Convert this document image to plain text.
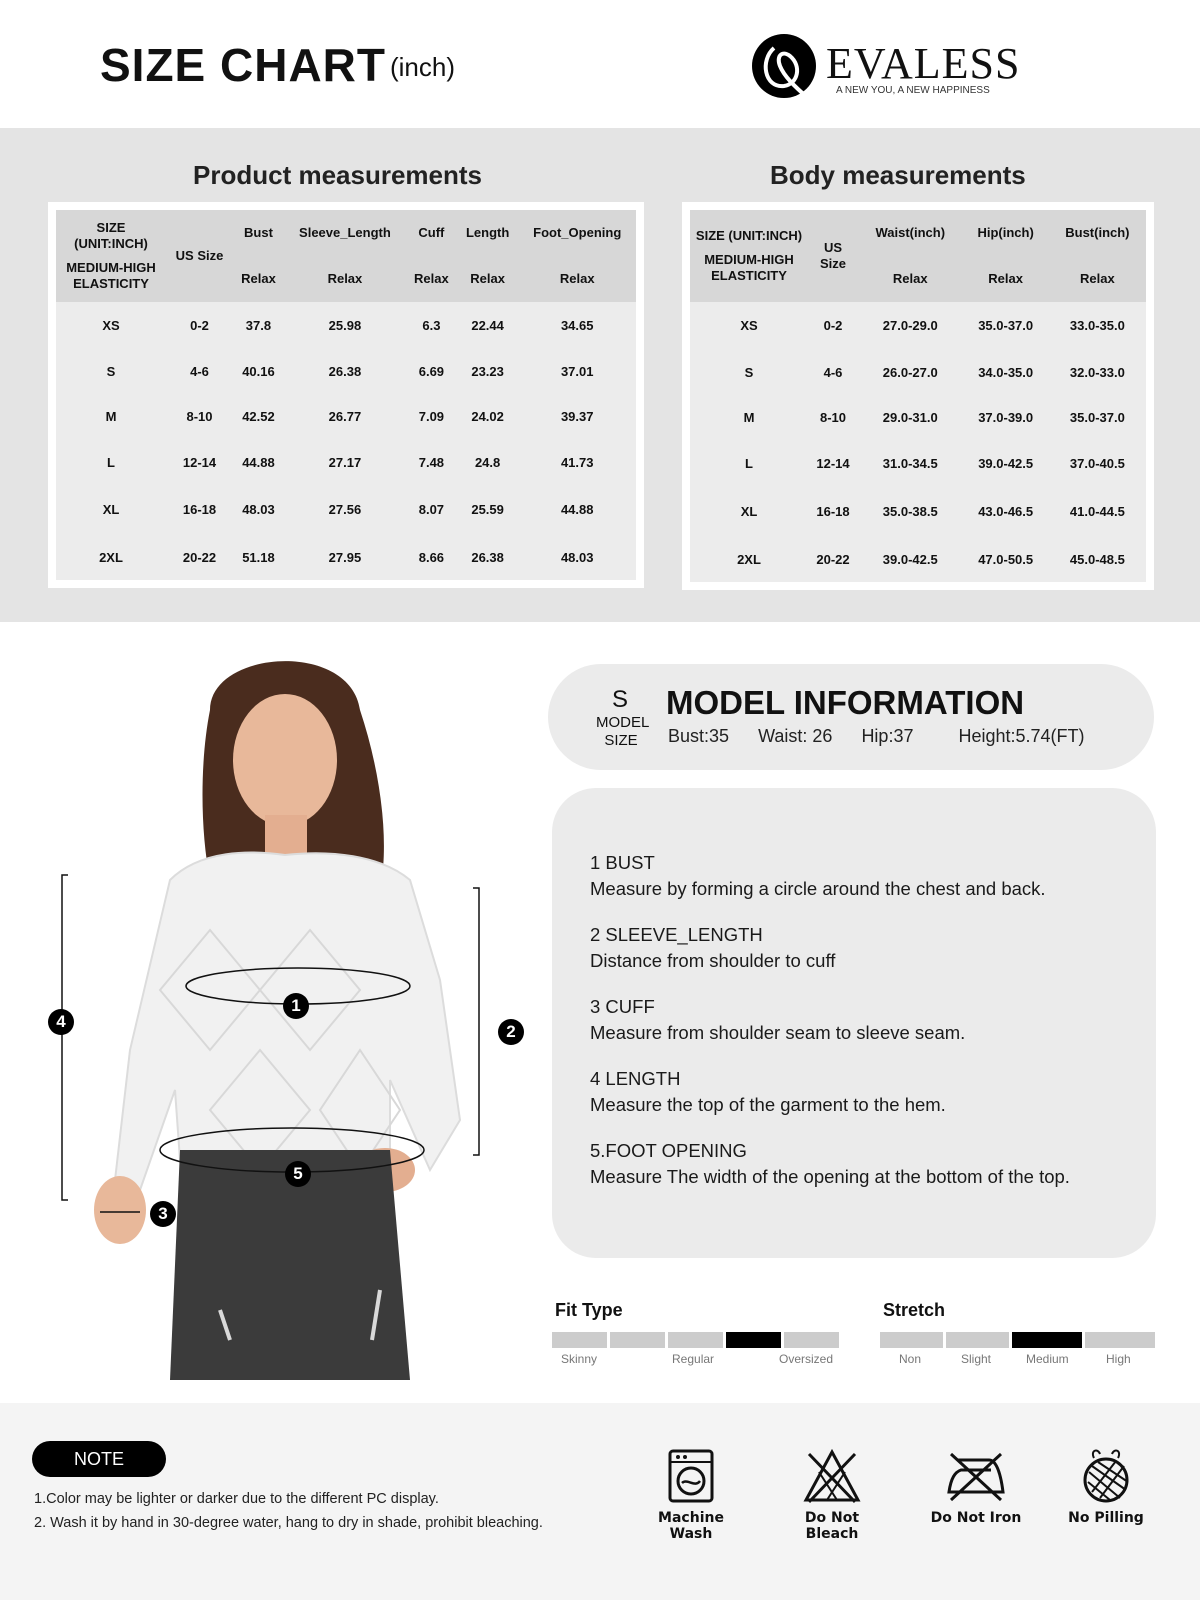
SIZE CHART (inch)	EVALESS
A NEW YOU, A NEW HAPPINESS
Product measurements	Body measurements
SIZE (UNIT:INCH)
MEDIUM-HIGH ELASTICITY	US Size	Bust	Sleeve_Length	Cuff	Length	Foot_Opening
		Relax	Relax	Relax	Relax	Relax
XS	0-2	37.8	25.98	6.3	22.44	34.65
S	4-6	40.16	26.38	6.69	23.23	37.01
M	8-10	42.52	26.77	7.09	24.02	39.37
L	12-14	44.88	27.17	7.48	24.8	41.73
XL	16-18	48.03	27.56	8.07	25.59	44.88
2XL	20-22	51.18	27.95	8.66	26.38	48.03
SIZE (UNIT:INCH)
MEDIUM-HIGH ELASTICITY	US Size	Waist(inch)	Hip(inch)	Bust(inch)
		Relax	Relax	Relax
XS	0-2	27.0-29.0	35.0-37.0	33.0-35.0
S	4-6	26.0-27.0	34.0-35.0	32.0-33.0
M	8-10	29.0-31.0	37.0-39.0	35.0-37.0
L	12-14	31.0-34.5	39.0-42.5	37.0-40.5
XL	16-18	35.0-38.5	43.0-46.5	41.0-44.5
2XL	20-22	39.0-42.5	47.0-50.5	45.0-48.5
1
2
3
4
5
S
MODEL SIZE
MODEL INFORMATION
Bust:35 Waist: 26 Hip:37	Height:5.74(FT)
1 BUST
Measure by forming a circle around the chest and back.
2 SLEEVE_LENGTH
Distance from shoulder to cuff
3 CUFF
Measure from shoulder seam to sleeve seam.
4 LENGTH
Measure the top of the garment to the hem.
5.FOOT OPENING
Measure The width of the opening at the bottom of the top.
Fit Type
Skinny	Regular	Oversized
Stretch
Non	Slight	Medium	High
NOTE
1.Color may be lighter or darker due to the different PC display.
2. Wash it by hand in 30-degree water, hang to dry in shade, prohibit bleaching.	Machine Wash
Do Not Bleach
Do Not Iron	No Pilling
